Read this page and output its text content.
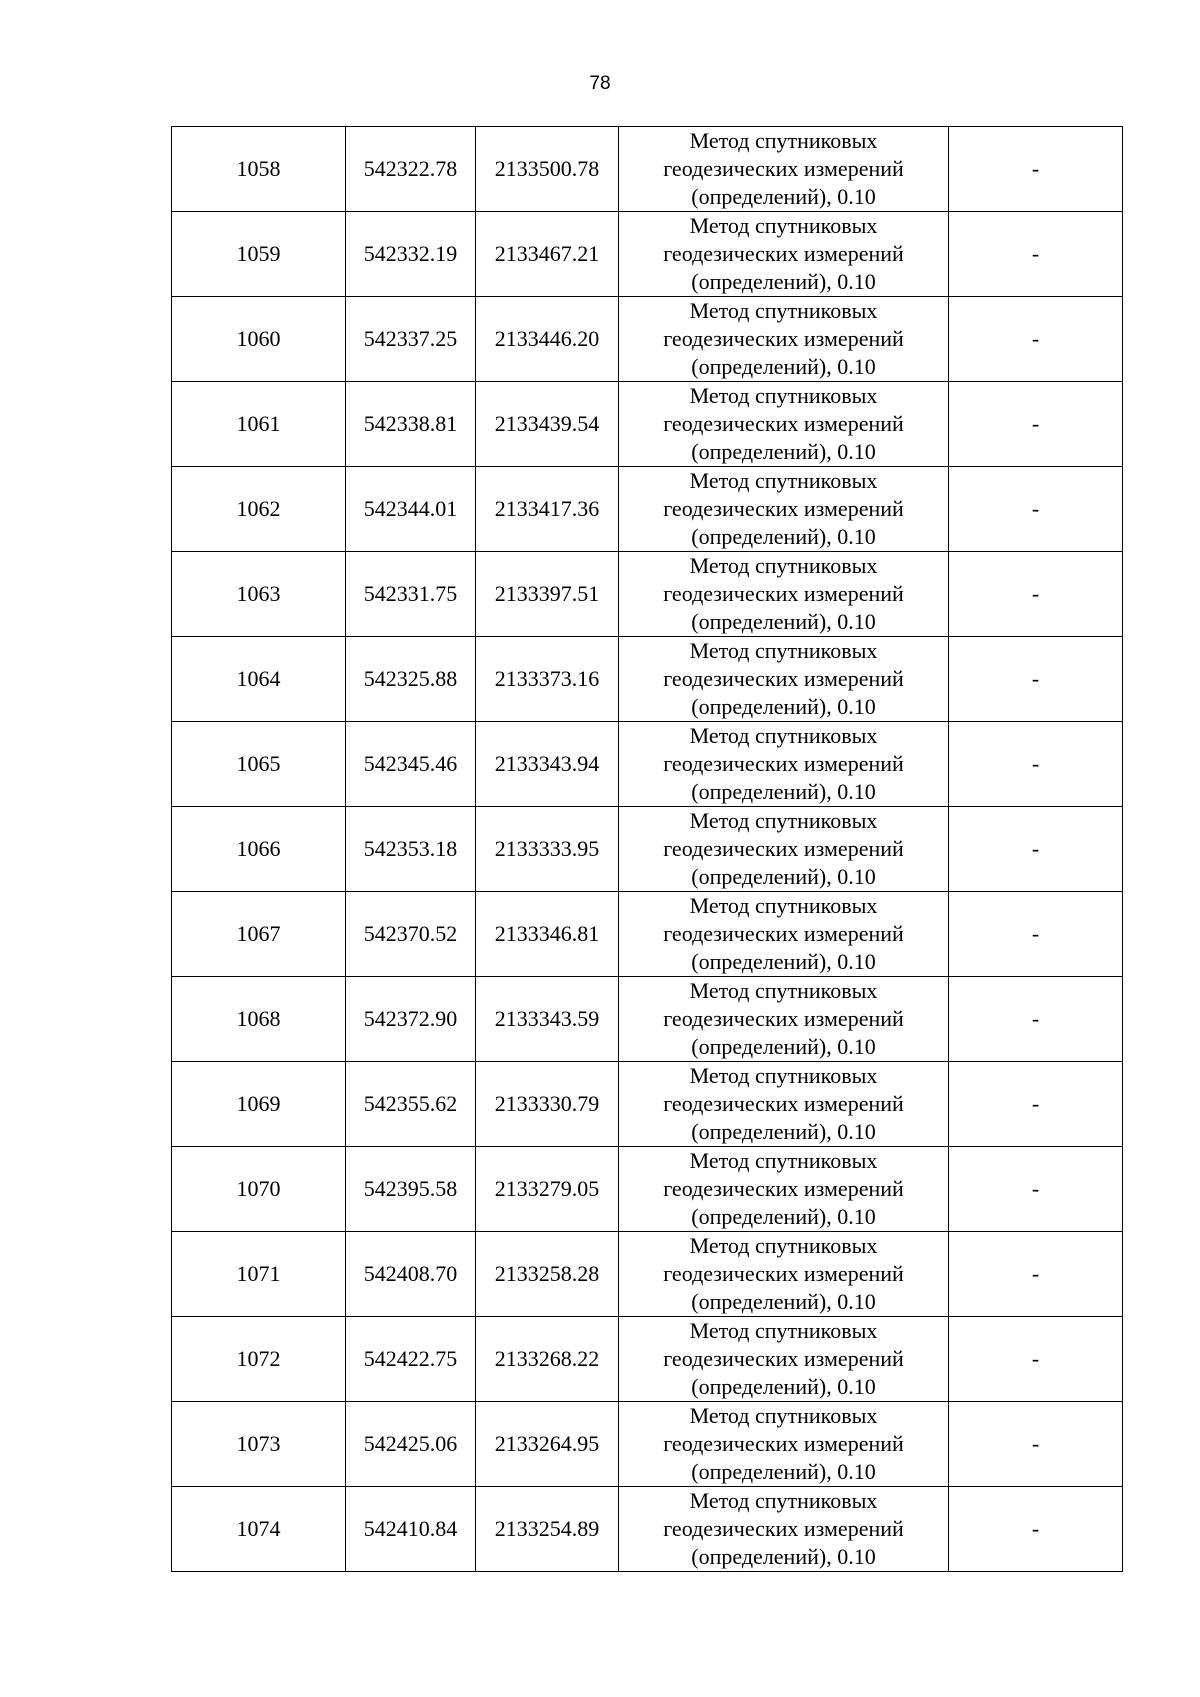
78
1058	542322.78	2133500.78	Метод спутниковых
геодезических измерений
(определений), 0.10	-
1059	542332.19	2133467.21	Метод спутниковых
геодезических измерений
(определений), 0.10	-
1060	542337.25	2133446.20	Метод спутниковых
геодезических измерений
(определений), 0.10	-
1061	542338.81	2133439.54	Метод спутниковых
геодезических измерений
(определений), 0.10	-
1062	542344.01	2133417.36	Метод спутниковых
геодезических измерений
(определений), 0.10	-
1063	542331.75	2133397.51	Метод спутниковых
геодезических измерений
(определений), 0.10	-
1064	542325.88	2133373.16	Метод спутниковых
геодезических измерений
(определений), 0.10	-
1065	542345.46	2133343.94	Метод спутниковых
геодезических измерений
(определений), 0.10	-
1066	542353.18	2133333.95	Метод спутниковых
геодезических измерений
(определений), 0.10	-
1067	542370.52	2133346.81	Метод спутниковых
геодезических измерений
(определений), 0.10	-
1068	542372.90	2133343.59	Метод спутниковых
геодезических измерений
(определений), 0.10	-
1069	542355.62	2133330.79	Метод спутниковых
геодезических измерений
(определений), 0.10	-
1070	542395.58	2133279.05	Метод спутниковых
геодезических измерений
(определений), 0.10	-
1071	542408.70	2133258.28	Метод спутниковых
геодезических измерений
(определений), 0.10	-
1072	542422.75	2133268.22	Метод спутниковых
геодезических измерений
(определений), 0.10	-
1073	542425.06	2133264.95	Метод спутниковых
геодезических измерений
(определений), 0.10	-
1074	542410.84	2133254.89	Метод спутниковых
геодезических измерений
(определений), 0.10	-
